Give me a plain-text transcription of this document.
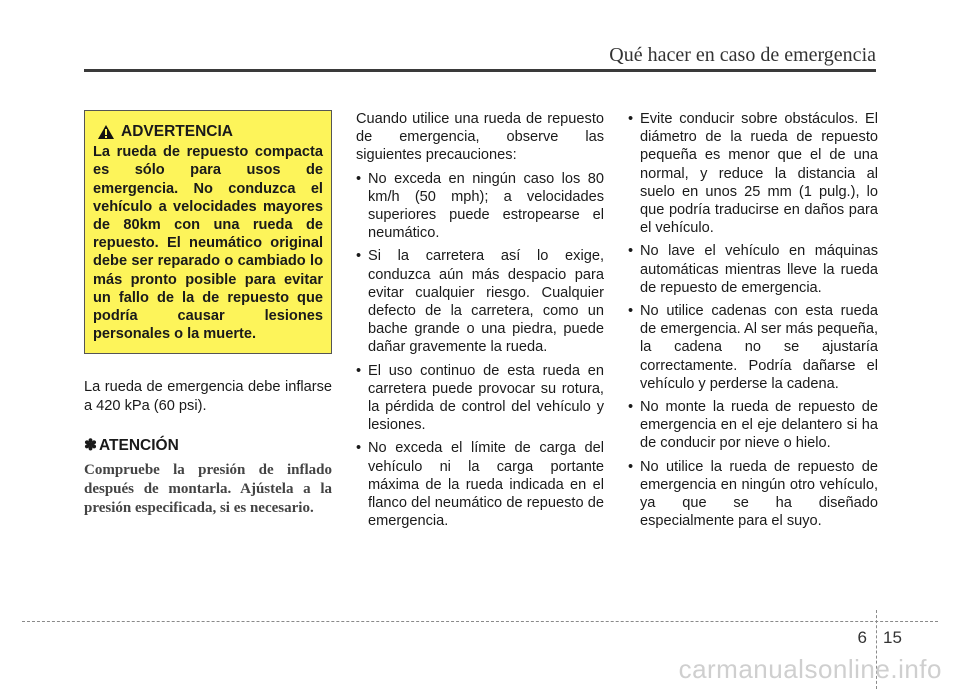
Qué hacer en caso de emergencia
ADVERTENCIA

La rueda de repuesto compacta es sólo para usos de emergencia. No conduzca el vehículo a velocidades mayores de 80km con una rueda de repuesto. El neumático original debe ser reparado o cambiado lo más pronto posible para evitar un fallo de la de repuesto que podría causar lesiones personales o la muerte.

La rueda de emergencia debe inflarse a 420 kPa (60 psi).

✽ ATENCIÓN

Compruebe la presión de inflado después de montarla. Ajústela a la presión especificada, si es necesario.

Cuando utilice una rueda de repuesto de emergencia, observe las siguientes precauciones:

• No exceda en ningún caso los 80 km/h (50 mph); a velocidades superiores puede estropearse el neumático.
• Si la carretera así lo exige, conduzca aún más despacio para evitar cualquier riesgo. Cualquier defecto de la carretera, como un bache grande o una piedra, puede dañar gravemente la rueda.
• El uso continuo de esta rueda en carretera puede provocar su rotura, la pérdida de control del vehículo y lesiones.
• No exceda el límite de carga del vehículo ni la carga portante máxima de la rueda indicada en el flanco del neumático de repuesto de emergencia.
• Evite conducir sobre obstáculos. El diámetro de la rueda de repuesto pequeña es menor que el de una normal, y reduce la distancia al suelo en unos 25 mm (1 pulg.), lo que podría traducirse en daños para el vehículo.
• No lave el vehículo en máquinas automáticas mientras lleve la rueda de repuesto de emergencia.
• No utilice cadenas con esta rueda de emergencia. Al ser más pequeña, la cadena no se ajustaría correctamente. Podría dañarse el vehículo y perderse la cadena.
• No monte la rueda de repuesto de emergencia en el eje delantero si ha de conducir por nieve o hielo.
• No utilice la rueda de repuesto de emergencia en ningún otro vehículo, ya que se ha diseñado especialmente para el suyo.
6 15
carmanualsonline.info
